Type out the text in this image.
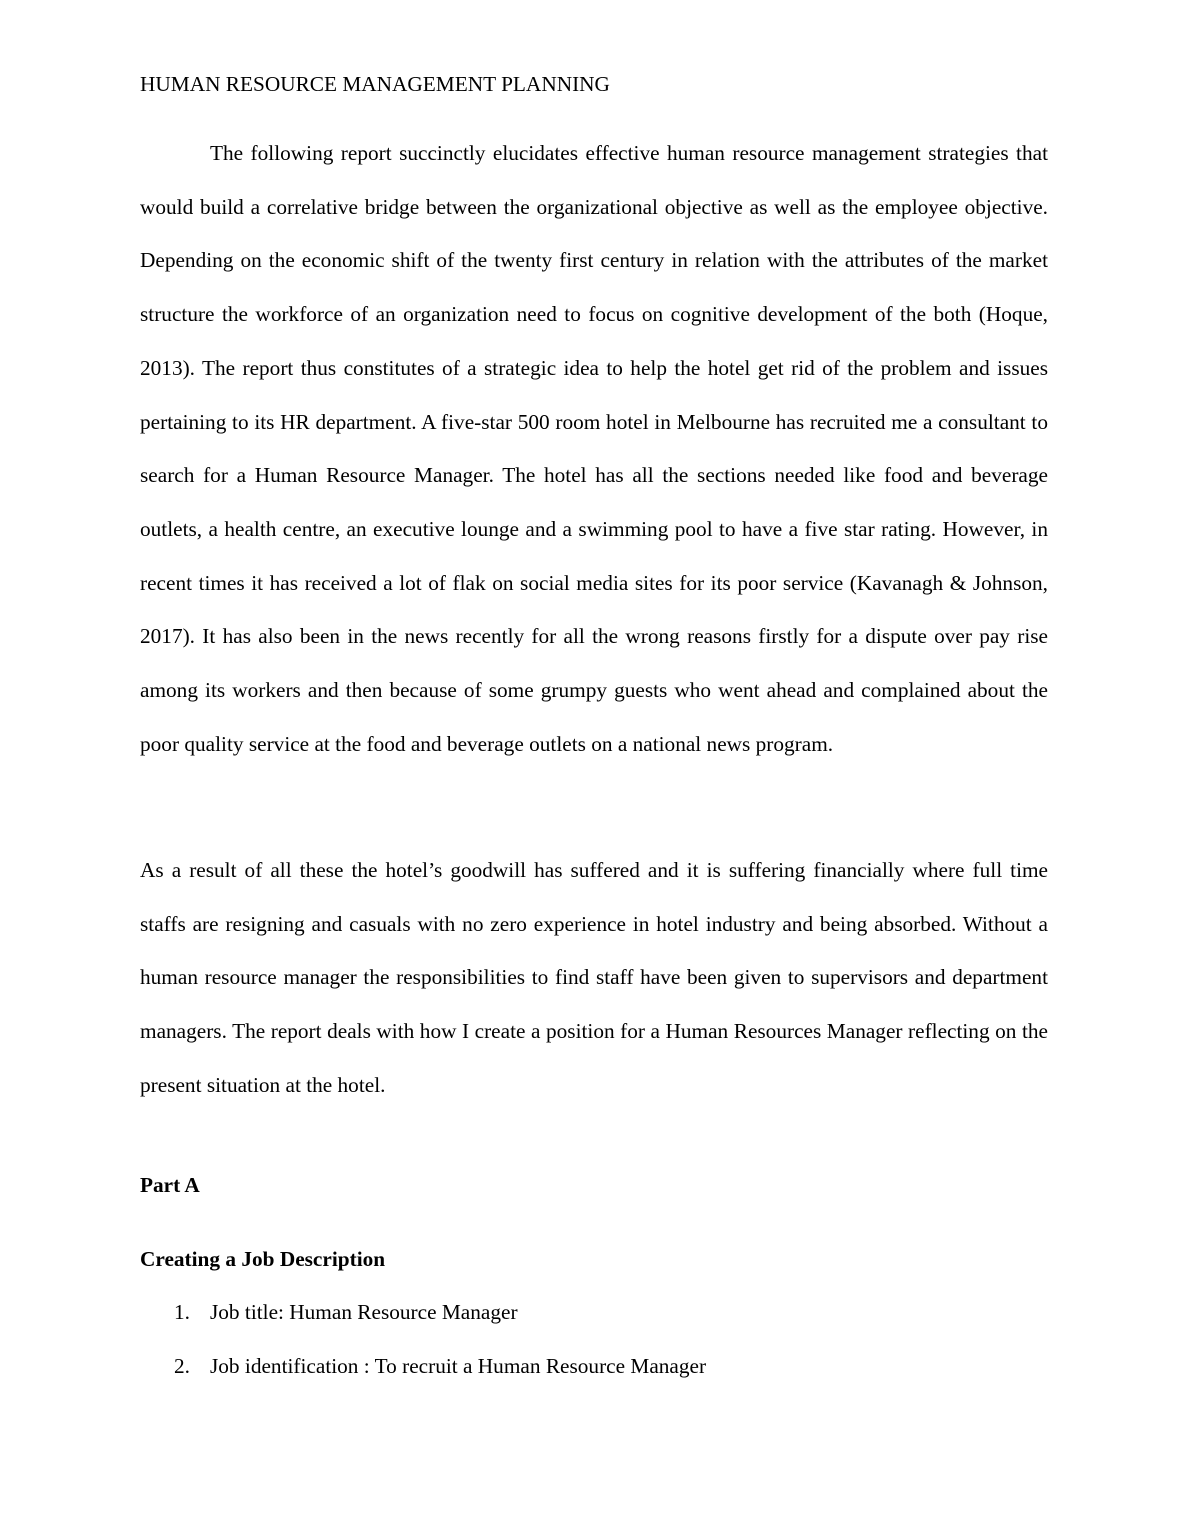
HUMAN RESOURCE MANAGEMENT PLANNING

The following report succinctly elucidates effective human resource management strategies that would build a correlative bridge between the organizational objective as well as the employee objective. Depending on the economic shift of the twenty first century in relation with the attributes of the market structure the workforce of an organization need to focus on cognitive development of the both (Hoque, 2013). The report thus constitutes of a strategic idea to help the hotel get rid of the problem and issues pertaining to its HR department. A five-star 500 room hotel in Melbourne has recruited me a consultant to search for a Human Resource Manager. The hotel has all the sections needed like food and beverage outlets, a health centre, an executive lounge and a swimming pool to have a five star rating. However, in recent times it has received a lot of flak on social media sites for its poor service (Kavanagh & Johnson, 2017). It has also been in the news recently for all the wrong reasons firstly for a dispute over pay rise among its workers and then because of some grumpy guests who went ahead and complained about the poor quality service at the food and beverage outlets on a national news program.

As a result of all these the hotel’s goodwill has suffered and it is suffering financially where full time staffs are resigning and casuals with no zero experience in hotel industry and being absorbed. Without a human resource manager the responsibilities to find staff have been given to supervisors and department managers. The report deals with how I create a position for a Human Resources Manager reflecting on the present situation at the hotel.

Part A
Creating a Job Description
1. Job title: Human Resource Manager
2. Job identification : To recruit a Human Resource Manager
